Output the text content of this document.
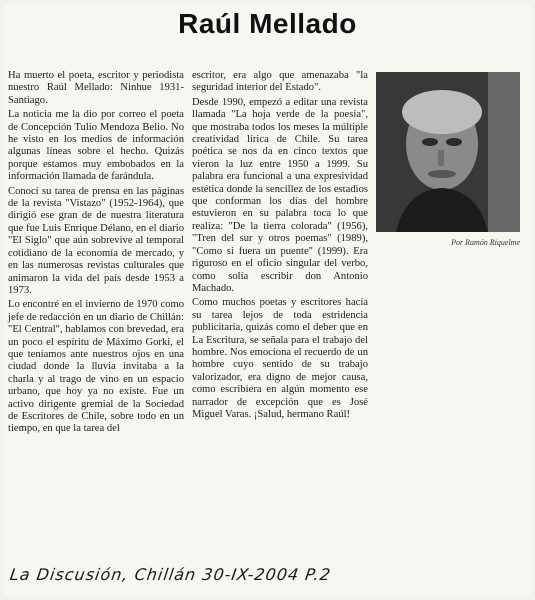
Raúl Mellado

Ha muerto el poeta, escritor y periodista nuestro Raúl Mellado: Ninhue 1931- Santiago.

La noticia me la dio por correo el poeta de Concepción Tulio Mendoza Belio. No he visto en los medios de información algunas líneas sobre el hecho. Quizás porque estamos muy embobados en la información llamada de farándula.

Conocí su tarea de prensa en las páginas de la revista "Vistazo" (1952-1964), que dirigió ese gran de de nuestra literatura que fue Luis Enrique Délano, en el diario "El Siglo" que aún sobrevive al temporal cotidiano de la economía de mercado, y en las numerosas revistas culturales que animaron la vida del país desde 1953 a 1973.

Lo encontré en el invierno de 1970 como jefe de redacción en un diario de Chillán: "El Central", hablamos con brevedad, era un poco el espíritu de Máximo Gorki, el que teníamos ante nuestros ojos en una ciudad donde la lluvia invitaba a la charla y al trago de vino en un espacio urbano, que hoy ya no existe. Fue un activo dirigente gremial de la Sociedad de Escritores de Chile, sobre todo en un tiempo, en que la tarea del

escritor, era algo que amenazaba "la seguridad interior del Estado".

Desde 1990, empezó a editar una revista llamada "La hoja verde de la poesía", que mostraba todos los meses la múltiple creatividad lírica de Chile. Su tarea poética se nos da en cinco textos que vieron la luz entre 1950 a 1999. Su palabra era funcional a una expresividad estética donde la sencillez de los estadios que conforman los días del hombre estuvieron en su palabra toca lo que realiza: "De la tierra colorada" (1956), "Tren del sur y otros poemas" (1989), "Como si fuera un puente" (1999). Era riguroso en el oficio singular del verbo, como solía escribir don Antonio Machado.

Como muchos poetas y escritores hacía su tarea lejos de toda estridencia publicitaria, quizás como el deber que en La Escritura, se señala para el trabajo del hombre. Nos emociona el recuerdo de un hombre cuyo sentido de su trabajo valorizador, era digno de mejor causa, como escribiera en algún momento ese narrador de excepción que es José Miguel Varas. ¡Salud, hermano Raúl!

Por Ramón Riquelme
La Discusión, Chillán 30-IX-2004 P.2
